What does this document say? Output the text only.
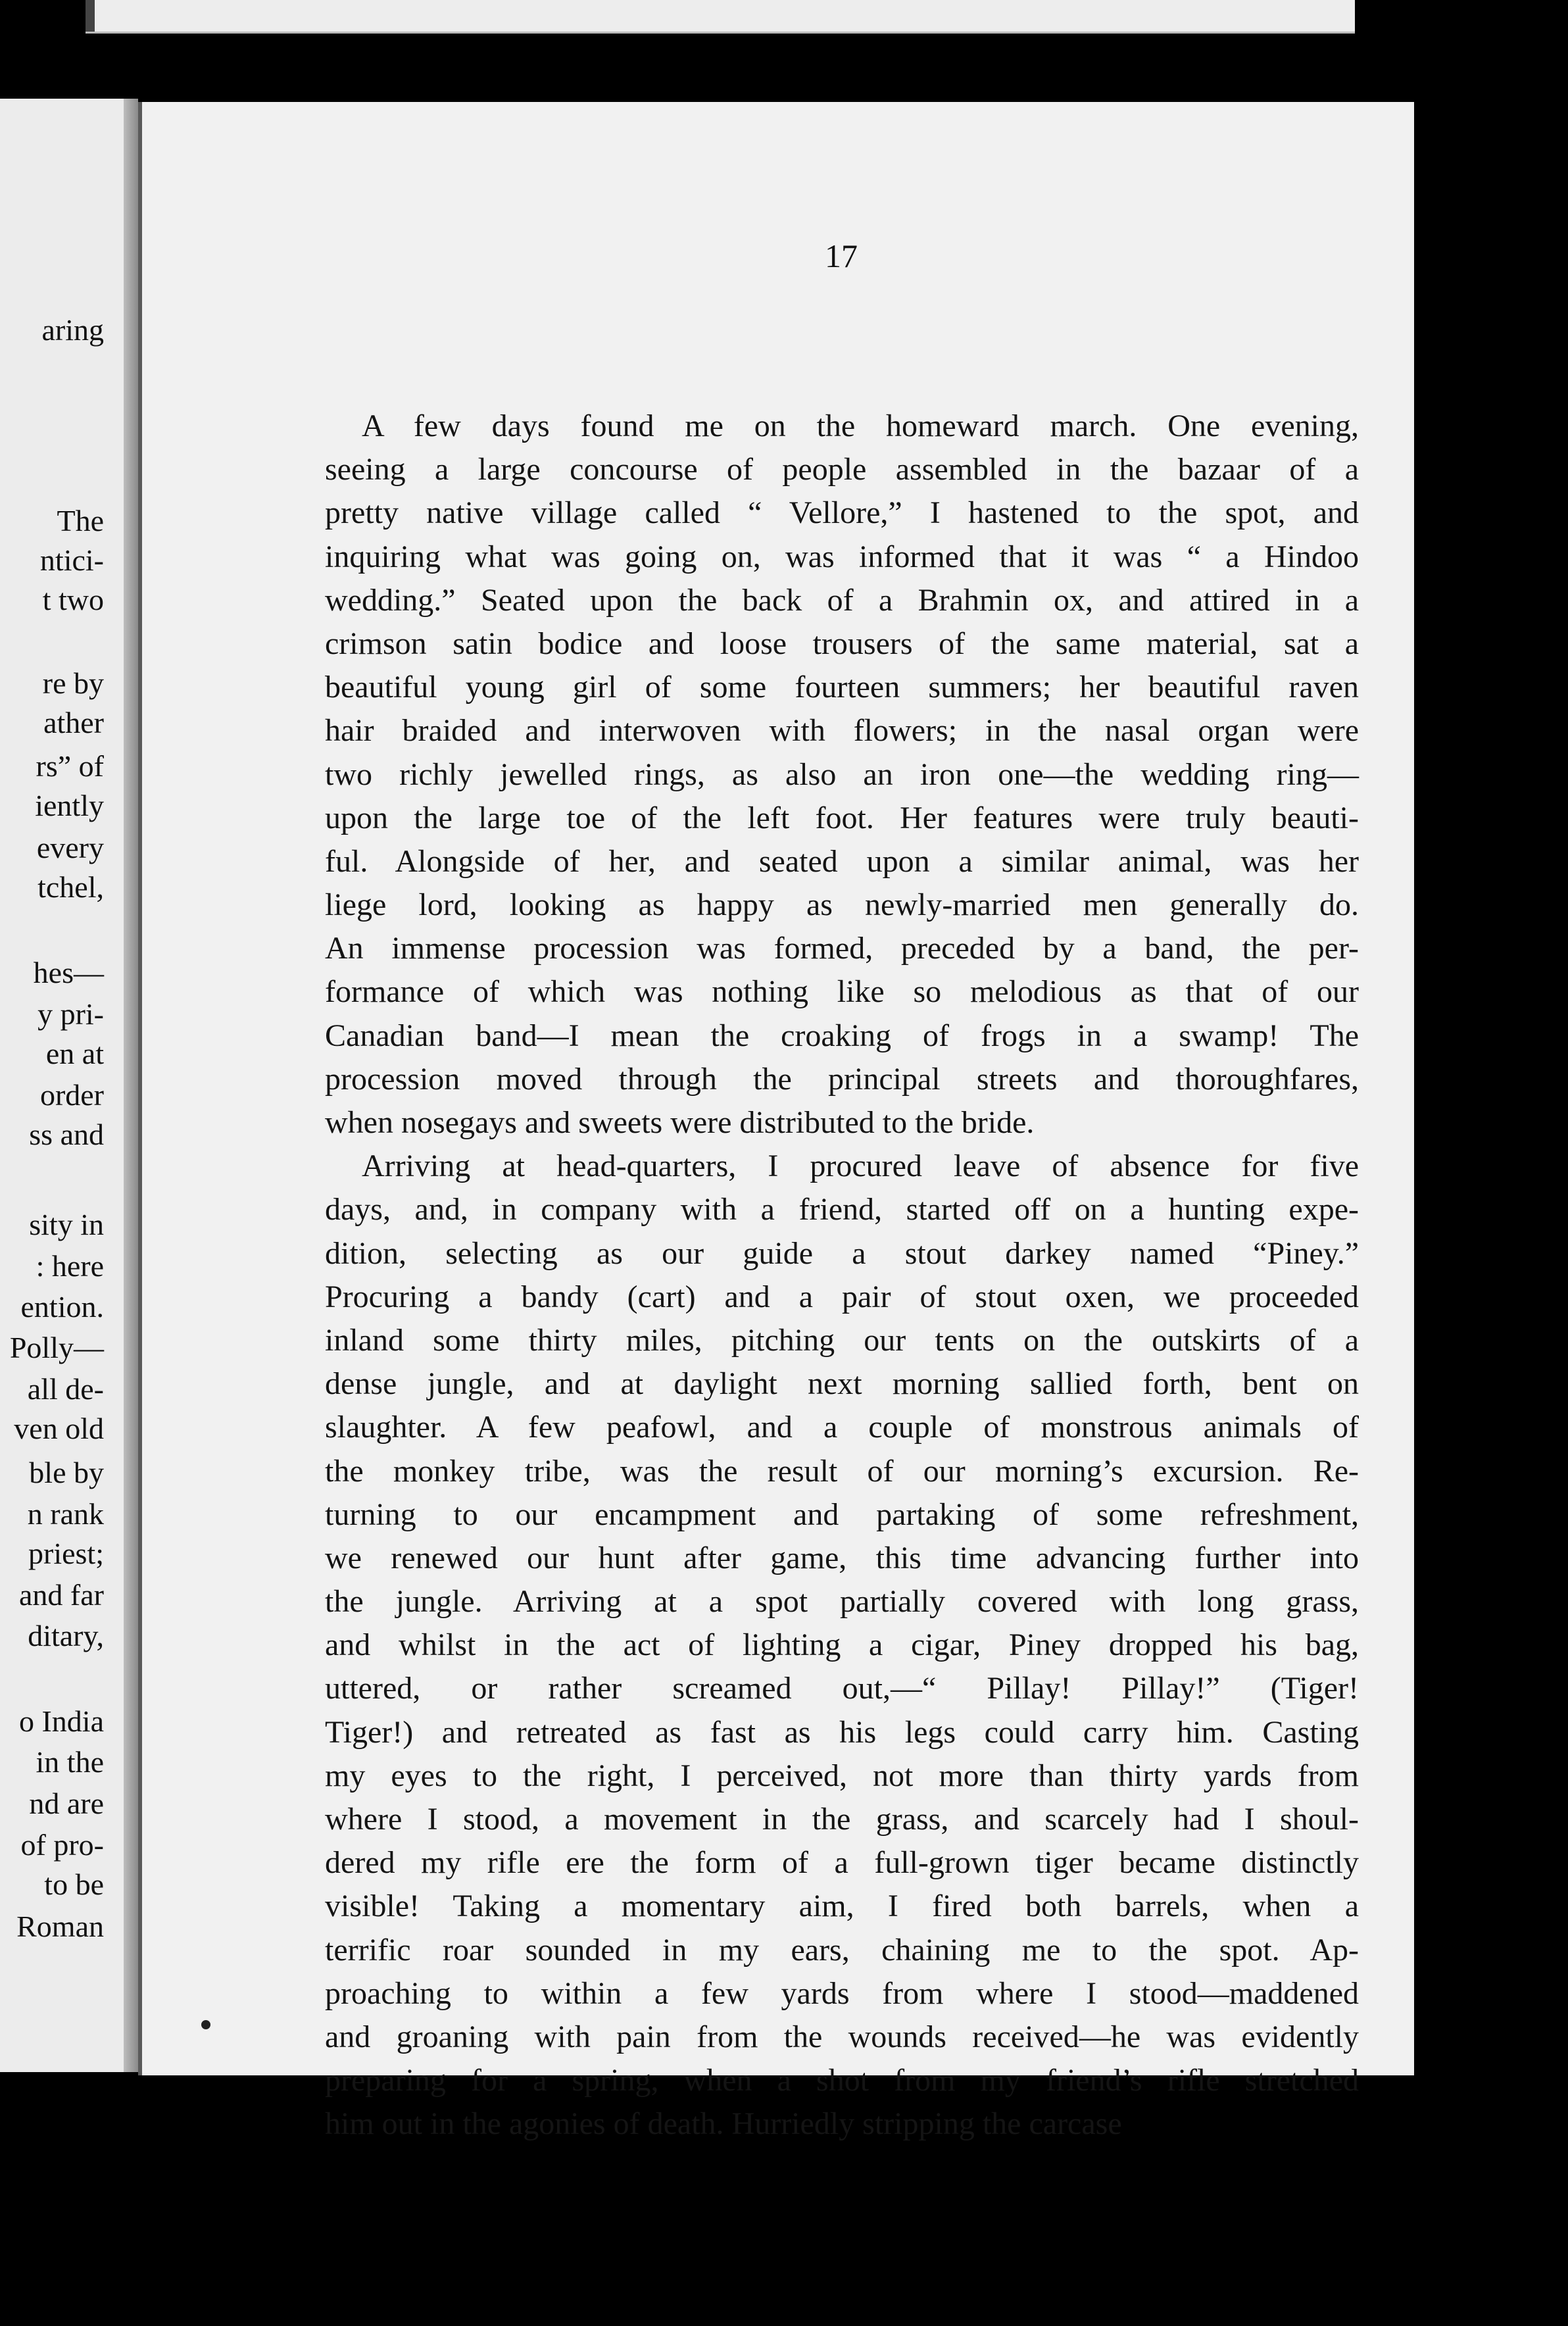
aring
The
ntici-
t two
re by
ather
rs” of
iently
every
tchel,
hes—
y pri-
en at
order
ss and
sity in
: here
ention.
Polly—
all de-
ven old
ble by
n rank
priest;
and far
ditary,
o India
in the
nd are
of pro-
to be
Roman
17
A few days found me on the homeward march. One evening,
seeing a large concourse of people assembled in the bazaar of a
pretty native village called “ Vellore,” I hastened to the spot, and
inquiring what was going on, was informed that it was “ a Hindoo
wedding.” Seated upon the back of a Brahmin ox, and attired in a
crimson satin bodice and loose trousers of the same material, sat a
beautiful young girl of some fourteen summers; her beautiful raven
hair braided and interwoven with flowers; in the nasal organ were
two richly jewelled rings, as also an iron one—the wedding ring—
upon the large toe of the left foot. Her features were truly beauti-
ful. Alongside of her, and seated upon a similar animal, was her
liege lord, looking as happy as newly-married men generally do.
An immense procession was formed, preceded by a band, the per-
formance of which was nothing like so melodious as that of our
Canadian band—I mean the croaking of frogs in a swamp! The
procession moved through the principal streets and thoroughfares,
when nosegays and sweets were distributed to the bride.
Arriving at head-quarters, I procured leave of absence for five
days, and, in company with a friend, started off on a hunting expe-
dition, selecting as our guide a stout darkey named “Piney.”
Procuring a bandy (cart) and a pair of stout oxen, we proceeded
inland some thirty miles, pitching our tents on the outskirts of a
dense jungle, and at daylight next morning sallied forth, bent on
slaughter. A few peafowl, and a couple of monstrous animals of
the monkey tribe, was the result of our morning’s excursion. Re-
turning to our encampment and partaking of some refreshment,
we renewed our hunt after game, this time advancing further into
the jungle. Arriving at a spot partially covered with long grass,
and whilst in the act of lighting a cigar, Piney dropped his bag,
uttered, or rather screamed out,—“ Pillay! Pillay!” (Tiger!
Tiger!) and retreated as fast as his legs could carry him. Casting
my eyes to the right, I perceived, not more than thirty yards from
where I stood, a movement in the grass, and scarcely had I shoul-
dered my rifle ere the form of a full-grown tiger became distinctly
visible! Taking a momentary aim, I fired both barrels, when a
terrific roar sounded in my ears, chaining me to the spot. Ap-
proaching to within a few yards from where I stood—maddened
and groaning with pain from the wounds received—he was evidently
preparing for a spring, when a shot from my friend’s rifle stretched
him out in the agonies of death. Hurriedly stripping the carcase
